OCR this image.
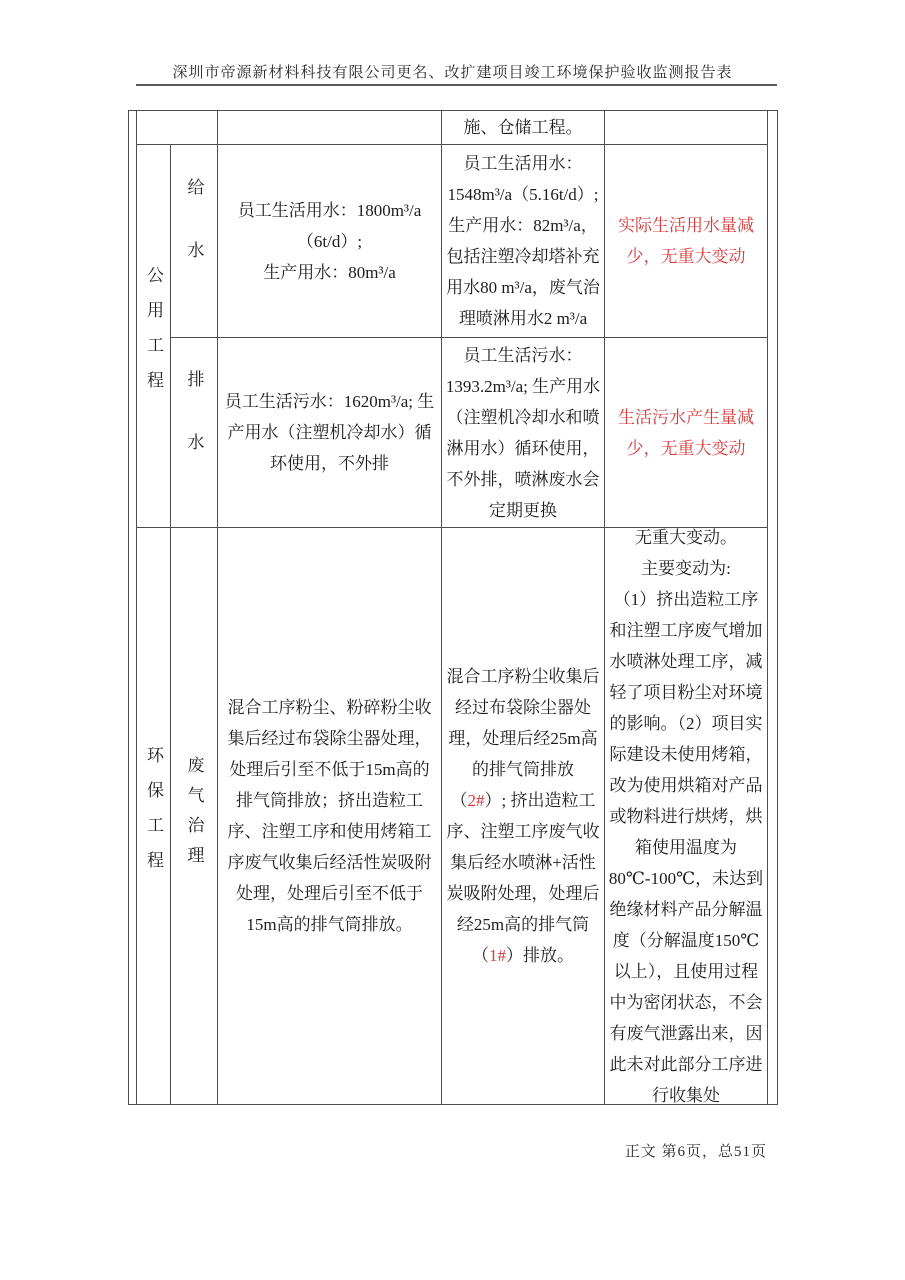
深圳市帝源新材料科技有限公司更名、改扩建项目竣工环境保护验收监测报告表
施、仓储工程。
公用工程
给水	员工生活用水：1800m³/a
（6t/d）;
生产用水：80m³/a
员工生活用水：1548m³/a（5.16t/d）; 生产用水：82m³/a，包括注塑冷却塔补充用水80 m³/a，废气治理喷淋用水2 m³/a
实际生活用水量减少，无重大变动
排水 员工生活污水：1620m³/a; 生产用水（注塑机冷却水）循环使用，不外排
员工生活污水：1393.2m³/a; 生产用水（注塑机冷却水和喷淋用水）循环使用，不外排，喷淋废水会定期更换
生活污水产生量减少，无重大变动
环保工程 废气治理
混合工序粉尘、粉碎粉尘收集后经过布袋除尘器处理，处理后引至不低于15m高的排气筒排放；挤出造粒工序、注塑工序和使用烤箱工序废气收集后经活性炭吸附处理，处理后引至不低于15m高的排气筒排放。
混合工序粉尘收集后经过布袋除尘器处理，处理后经25m高的排气筒排放（2#）; 挤出造粒工序、注塑工序废气收集后经水喷淋+活性炭吸附处理，处理后经25m高的排气筒（1#）排放。
无重大变动。
主要变动为:
（1）挤出造粒工序和注塑工序废气增加水喷淋处理工序，减轻了项目粉尘对环境的影响。（2）项目实际建设未使用烤箱，改为使用烘箱对产品或物料进行烘烤，烘箱使用温度为80℃-100℃，未达到绝缘材料产品分解温度（分解温度150℃以上），且使用过程中为密闭状态，不会有废气泄露出来，因此未对此部分工序进行收集处
正文 第6页，总51页
